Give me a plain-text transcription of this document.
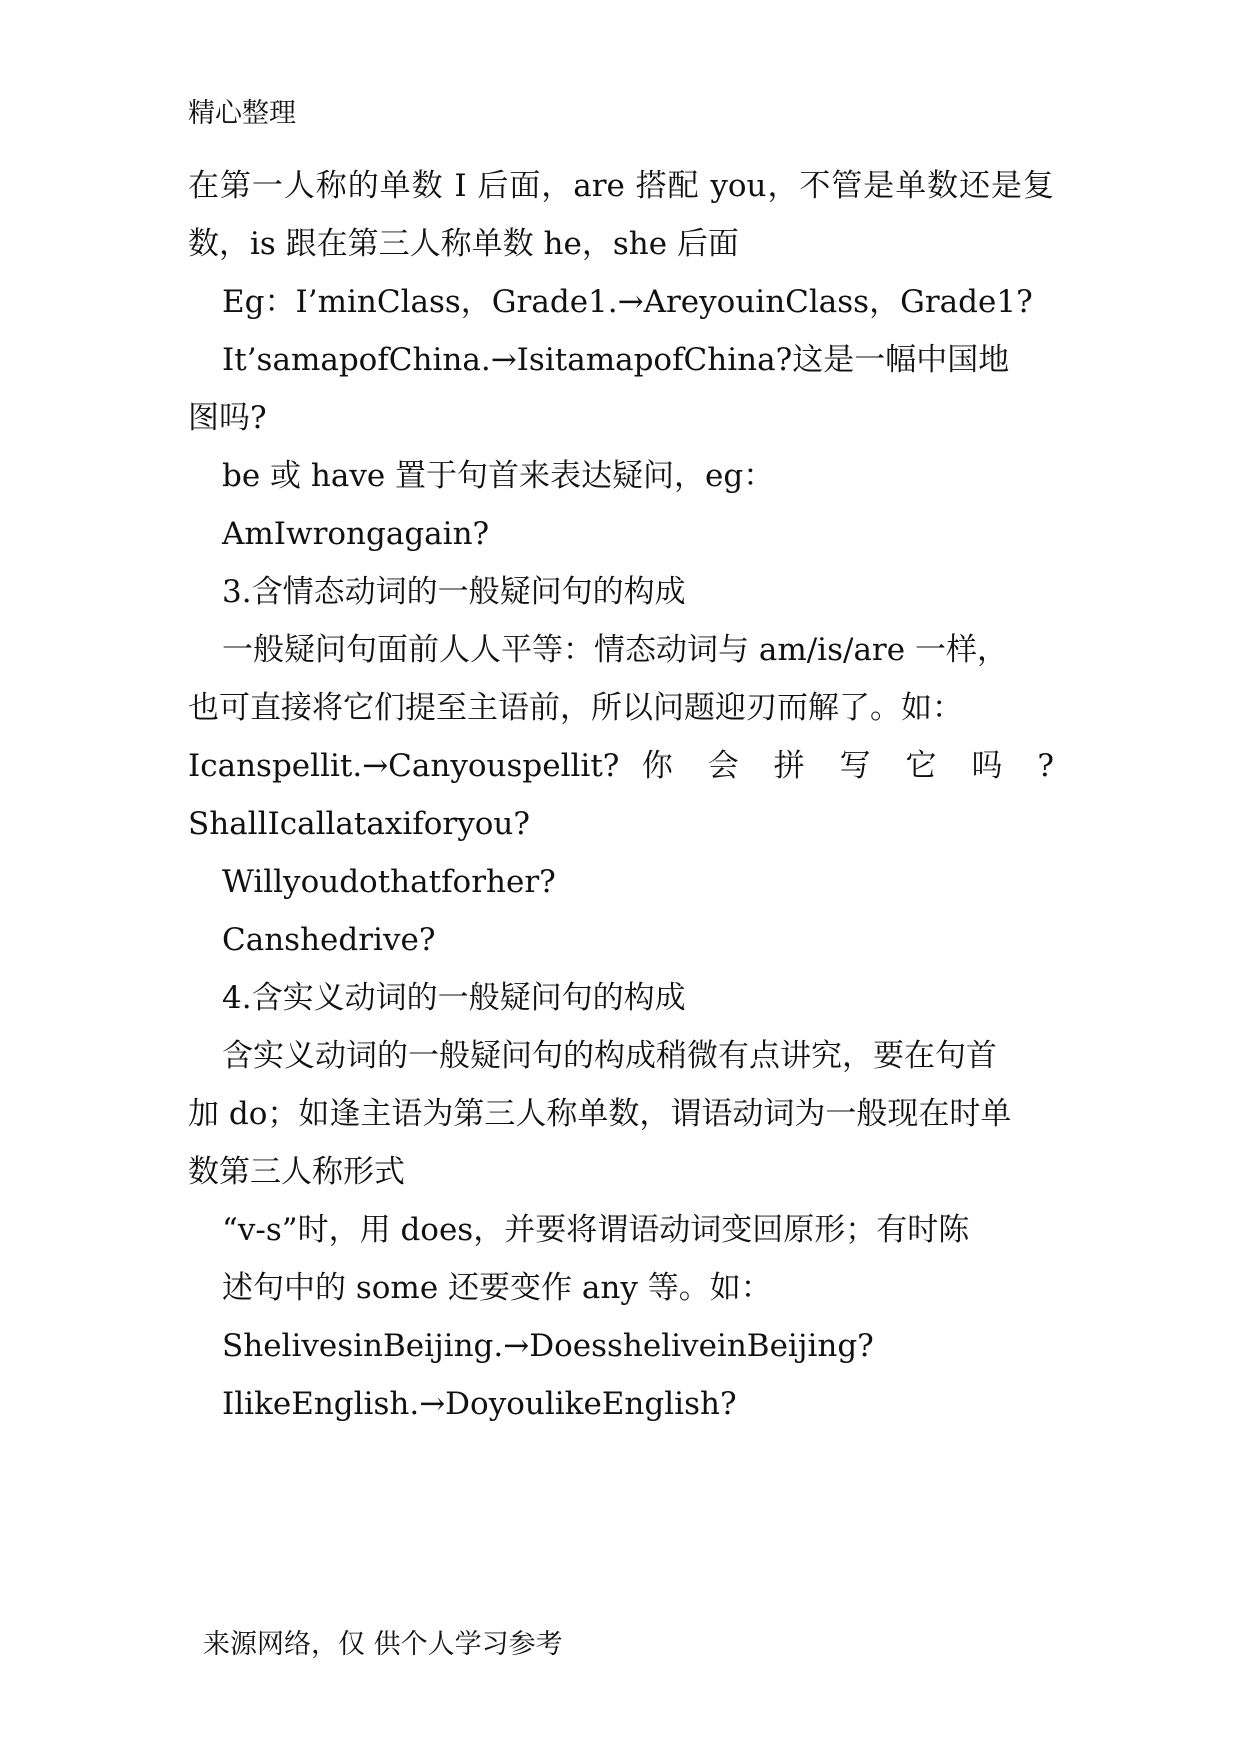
精心整理
在第一人称的单数 I 后面，are 搭配 you，不管是单数还是复
数，is 跟在第三人称单数 he，she 后面
Eg：I’minClass，Grade1.→AreyouinClass，Grade1?
It’samapofChina.→IsitamapofChina?这是一幅中国地
图吗?
be 或 have 置于句首来表达疑问，eg：
AmIwrongagain?
3.含情态动词的一般疑问句的构成
一般疑问句面前人人平等：情态动词与 am/is/are 一样，
也可直接将它们提至主语前，所以问题迎刃而解了。如：
Icanspellit.→Canyouspellit? 你 会 拼 写 它 吗 ?
ShallIcallataxiforyou?
Willyoudothatforher?
Canshedrive?
4.含实义动词的一般疑问句的构成
含实义动词的一般疑问句的构成稍微有点讲究，要在句首
加 do；如逢主语为第三人称单数，谓语动词为一般现在时单
数第三人称形式
“v-s”时，用 does，并要将谓语动词变回原形；有时陈
述句中的 some 还要变作 any 等。如：
ShelivesinBeijing.→DoessheliveinBeijing?
IlikeEnglish.→DoyoulikeEnglish?
来源网络，仅 供个人学习参考
